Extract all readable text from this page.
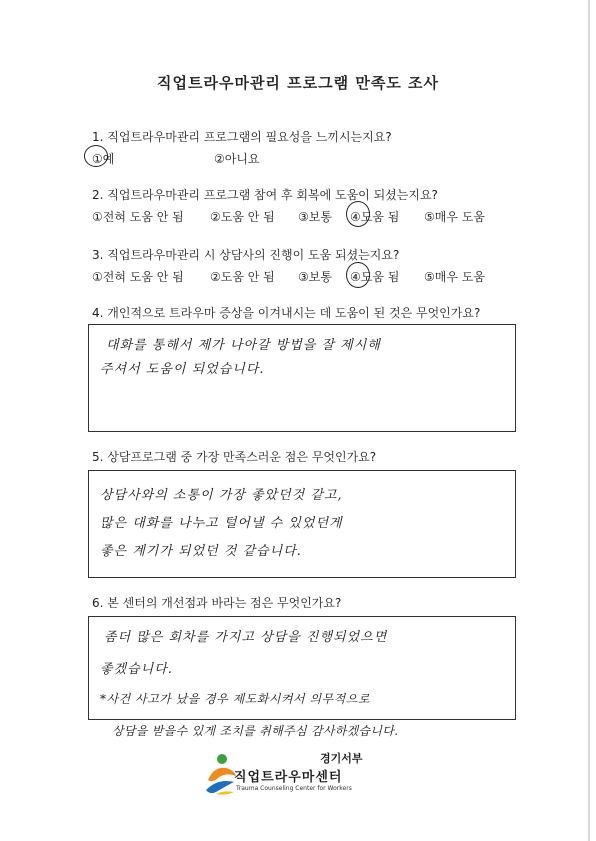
직업트라우마관리 프로그램 만족도 조사
1. 직업트라우마관리 프로그램의 필요성을 느끼시는지요?
①예	②아니요
2. 직업트라우마관리 프로그램 참여 후 회복에 도움이 되셨는지요?
①전혀 도움 안 됨 ②도움 안 됨 ③보통 ④도움 됨 ⑤매우 도움
3. 직업트라우마관리 시 상담사의 진행이 도움 되셨는지요?
①전혀 도움 안 됨 ②도움 안 됨 ③보통 ④도움 됨 ⑤매우 도움
4. 개인적으로 트라우마 증상을 이겨내시는 데 도움이 된 것은 무엇인가요?
대화를 통해서 제가 나아갈 방법을 잘 제시해
주셔서 도움이 되었습니다.
5. 상담프로그램 중 가장 만족스러운 점은 무엇인가요?
상담사와의 소통이 가장 좋았던것 같고,
많은 대화를 나누고 털어낼 수 있었던게
좋은 계기가 되었던 것 같습니다.
6. 본 센터의 개선점과 바라는 점은 무엇인가요?
좀더 많은 회차를 가지고 상담을 진행되었으면
좋겠습니다.
*사건 사고가 났을 경우 제도화시켜서 의무적으로
상담을 받을수 있게 조치를 취해주심 감사하겠습니다.
경기서부
직업트라우마센터
Trauma Counseling Center for Workers
